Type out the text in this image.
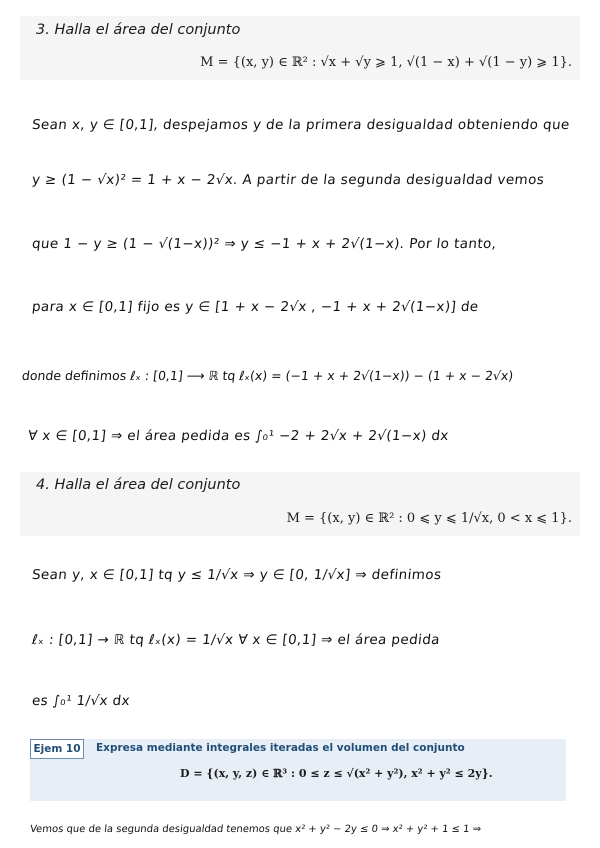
3. Halla el área del conjunto
M = {(x, y) ∈ ℝ² : √x + √y ⩾ 1, √(1 − x) + √(1 − y) ⩾ 1}.
Sean x, y ∈ [0,1], despejamos y de la primera desigualdad obteniendo que
y ≥ (1 − √x)² = 1 + x − 2√x. A partir de la segunda desigualdad vemos
que 1 − y ≥ (1 − √(1−x))² ⇒ y ≤ −1 + x + 2√(1−x). Por lo tanto,
para x ∈ [0,1] fijo es y ∈ [1 + x − 2√x , −1 + x + 2√(1−x)] de
donde definimos ℓₓ : [0,1] ⟶ ℝ tq ℓₓ(x) = (−1 + x + 2√(1−x)) − (1 + x − 2√x)
∀ x ∈ [0,1] ⇒ el área pedida es ∫₀¹ −2 + 2√x + 2√(1−x) dx
4. Halla el área del conjunto
M = {(x, y) ∈ ℝ² : 0 ⩽ y ⩽ 1/√x, 0 < x ⩽ 1}.
Sean y, x ∈ [0,1] tq y ≤ 1/√x ⇒ y ∈ [0, 1/√x] ⇒ definimos
ℓₓ : [0,1] → ℝ tq ℓₓ(x) = 1/√x ∀ x ∈ [0,1] ⇒ el área pedida
es ∫₀¹ 1/√x dx
Ejem 10	Expresa mediante integrales iteradas el volumen del conjunto
D = {(x, y, z) ∈ ℝ³ : 0 ≤ z ≤ √(x² + y²), x² + y² ≤ 2y}.
Vemos que de la segunda desigualdad tenemos que x² + y² − 2y ≤ 0 ⇒ x² + y² + 1 ≤ 1 ⇒
